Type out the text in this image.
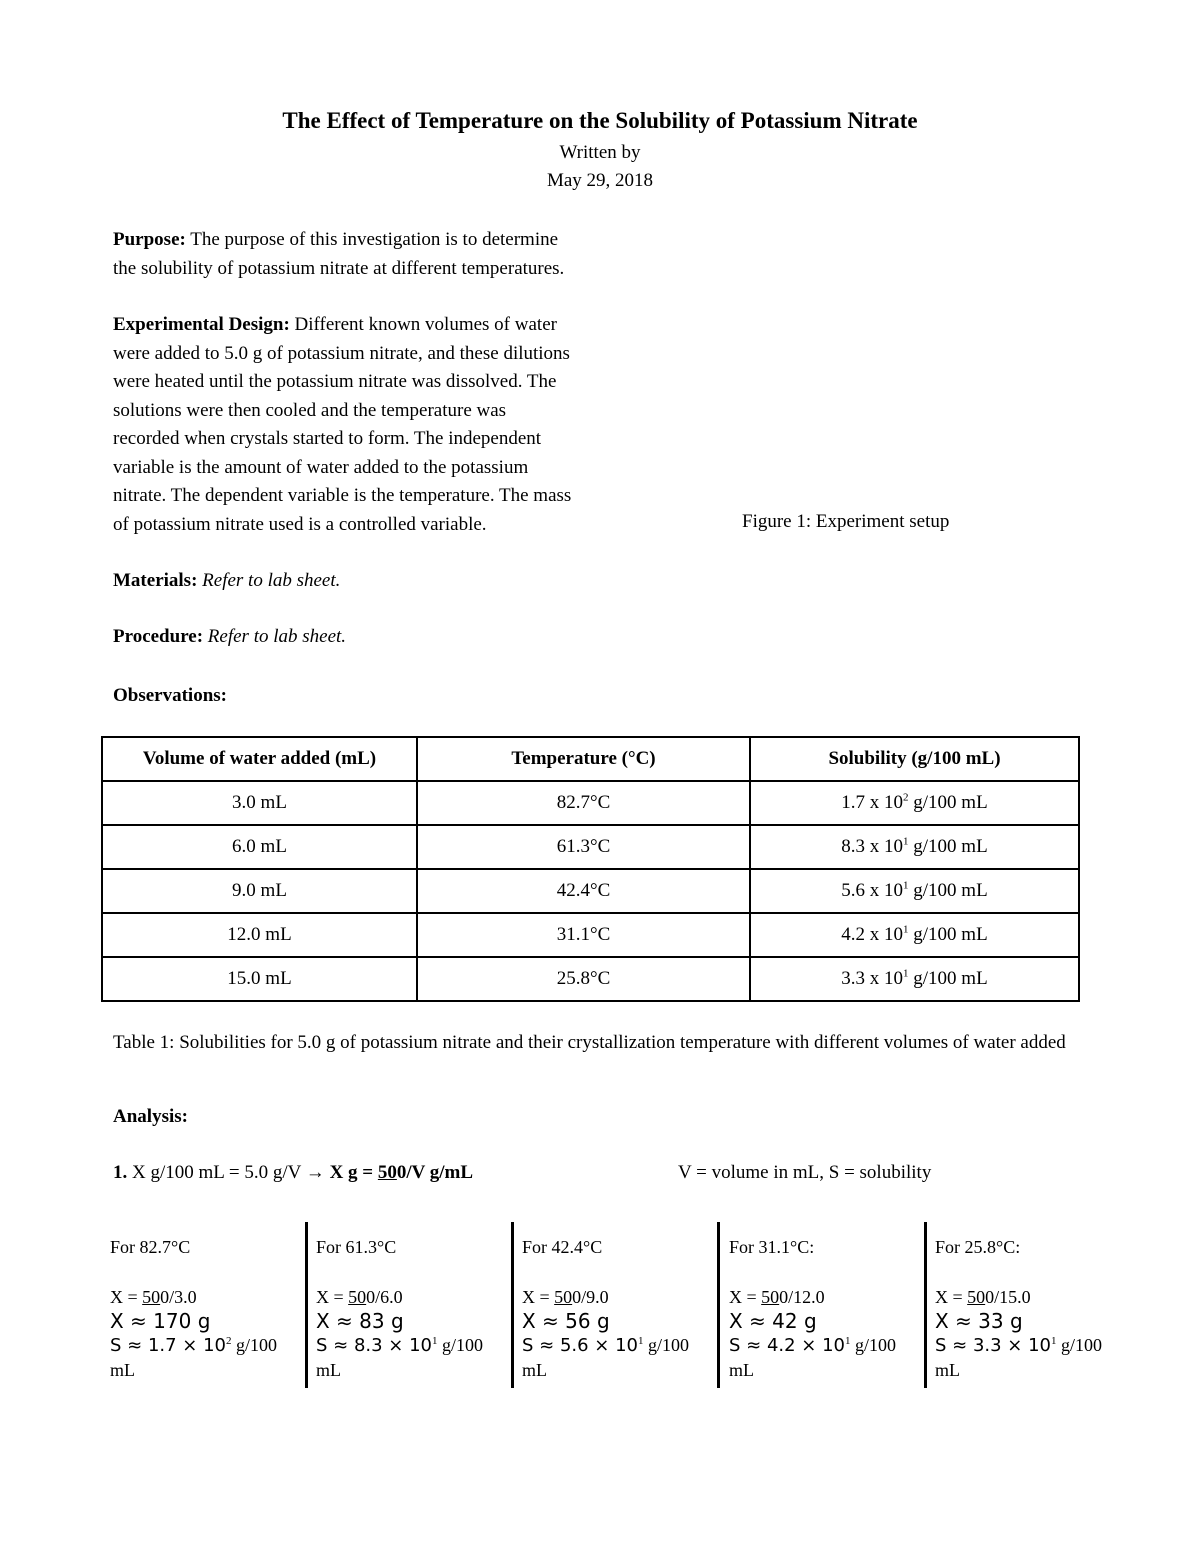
The Effect of Temperature on the Solubility of Potassium Nitrate
Written by
May 29, 2018
Purpose: The purpose of this investigation is to determine
the solubility of potassium nitrate at different temperatures.
Experimental Design: Different known volumes of water
were added to 5.0 g of potassium nitrate, and these dilutions
were heated until the potassium nitrate was dissolved. The
solutions were then cooled and the temperature was
recorded when crystals started to form. The independent
variable is the amount of water added to the potassium
nitrate. The dependent variable is the temperature. The mass
of potassium nitrate used is a controlled variable.	Figure 1: Experiment setup
Materials: Refer to lab sheet.
Procedure: Refer to lab sheet.
Observations:
Volume of water added (mL)	Temperature (°C)	Solubility (g/100 mL)
3.0 mL	82.7°C	1.7 x $10^2$ g/100 mL
6.0 mL	61.3°C	8.3 x $10^1$ g/100 mL
9.0 mL	42.4°C	5.6 x $10^1$ g/100 mL
12.0 mL	31.1°C	4.2 x $10^1$ g/100 mL
15.0 mL	25.8°C	3.3 x $10^1$ g/100 mL
Table 1: Solubilities for 5.0 g of potassium nitrate and their crystallization temperature with different volumes of water added
Analysis:
1. X g/100 mL = 5.0 g/V → X g = 500/V g/mL	V = volume in mL, S = solubility
For 82.7°C
X = 500/3.0
X ≈ 170 g
$S \approx 1.7 \times 10^2$ g/100
mL
For 61.3°C
X = 500/6.0
X ≈ 83 g
$S \approx 8.3 \times 10^1$ g/100
mL
For 42.4°C
X = 500/9.0
X ≈ 56 g
$S \approx 5.6 \times 10^1$ g/100
mL
For 31.1°C:
X = 500/12.0
X ≈ 42 g
$S \approx 4.2 \times 10^1$ g/100
mL
For 25.8°C:
X = 500/15.0
X ≈ 33 g
$S \approx 3.3 \times 10^1$ g/100
mL
